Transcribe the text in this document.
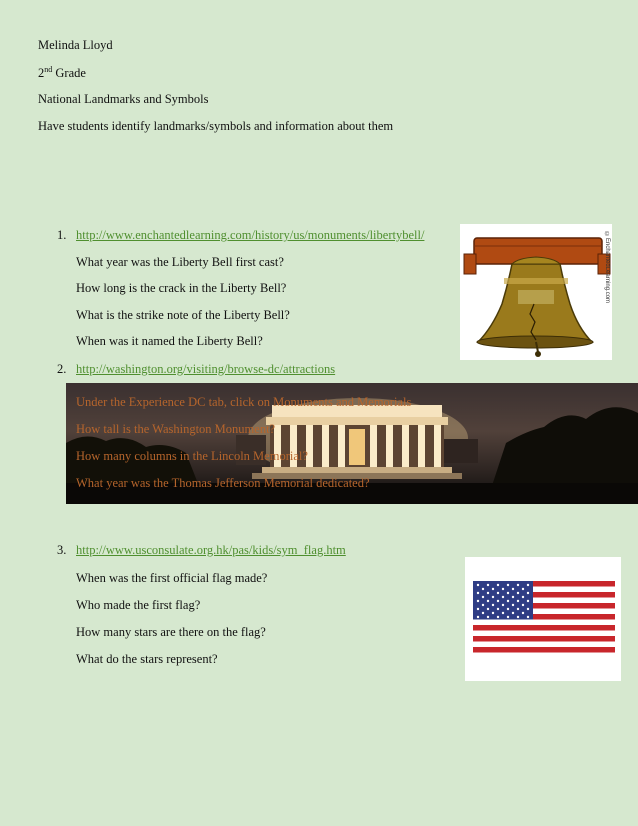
Melinda Lloyd
2nd Grade
National Landmarks and Symbols
Have students identify landmarks/symbols and information about them
1. http://www.enchantedlearning.com/history/us/monuments/libertybell/
What year was the Liberty Bell first cast?
How long is the crack in the Liberty Bell?
What is the strike note of the Liberty Bell?
When was it named the Liberty Bell?
©EnchantedLearning.com
2. http://washington.org/visiting/browse-dc/attractions
Under the Experience DC tab, click on Monuments and Memorials
How tall is the Washington Monument?
How many columns in the Lincoln Memorial?
What year was the Thomas Jefferson Memorial dedicated?
3. http://www.usconsulate.org.hk/pas/kids/sym_flag.htm
When was the first official flag made?
Who made the first flag?
How many stars are there on the flag?
What do the stars represent?
